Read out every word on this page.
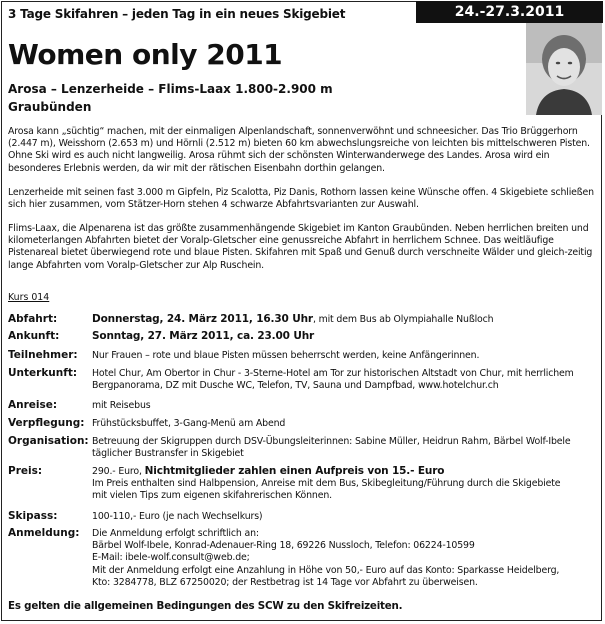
3 Tage Skifahren – jeden Tag in ein neues Skigebiet	24.-27.3.2011
Women only 2011
Arosa – Lenzerheide – Flims-Laax 1.800-2.900 m
Graubünden
Arosa kann „süchtig“ machen, mit der einmaligen Alpenlandschaft, sonnenverwöhnt und schneesicher. Das Trio Brüggerhorn (2.447 m), Weisshorn (2.653 m) und Hörnli (2.512 m) bieten 60 km abwechslungsreiche von leichten bis mittelschweren Pisten. Ohne Ski wird es auch nicht langweilig. Arosa rühmt sich der schönsten Winterwanderwege des Landes. Arosa wird ein besonderes Erlebnis werden, da wir mit der rätischen Eisenbahn dorthin gelangen.
Lenzerheide mit seinen fast 3.000 m Gipfeln, Piz Scalotta, Piz Danis, Rothorn lassen keine Wünsche offen. 4 Skigebiete schließen sich hier zusammen, vom Stätzer-Horn stehen 4 schwarze Abfahrtsvarianten zur Auswahl.
Flims-Laax, die Alpenarena ist das größte zusammenhängende Skigebiet im Kanton Graubünden. Neben herrlichen breiten und kilometerlangen Abfahrten bietet der Voralp-Gletscher eine genussreiche Abfahrt in herrlichem Schnee. Das weitläufige Pistenareal bietet überwiegend rote und blaue Pisten. Skifahren mit Spaß und Genuß durch verschneite Wälder und gleich-zeitig lange Abfahrten vom Voralp-Gletscher zur Alp Ruschein.
Kurs 014
Abfahrt:	Donnerstag, 24. März 2011, 16.30 Uhr, mit dem Bus ab Olympiahalle Nußloch
Ankunft:	Sonntag, 27. März 2011, ca. 23.00 Uhr
Teilnehmer: Nur Frauen – rote und blaue Pisten müssen beherrscht werden, keine Anfängerinnen.
Unterkunft: Hotel Chur, Am Obertor in Chur - 3-Sterne-Hotel am Tor zur historischen Altstadt von Chur, mit herrlichem
Bergpanorama, DZ mit Dusche WC, Telefon, TV, Sauna und Dampfbad, www.hotelchur.ch
Anreise:	mit Reisebus
Verpflegung: Frühstücksbuffet, 3-Gang-Menü am Abend
Organisation: Betreuung der Skigruppen durch DSV-Übungsleiterinnen: Sabine Müller, Heidrun Rahm, Bärbel Wolf-Ibele
täglicher Bustransfer in Skigebiet
Preis:	290.- Euro, Nichtmitglieder zahlen einen Aufpreis von 15.- Euro
Im Preis enthalten sind Halbpension, Anreise mit dem Bus, Skibegleitung/Führung durch die Skigebiete
mit vielen Tips zum eigenen skifahrerischen Können.
Skipass:	100-110,- Euro (je nach Wechselkurs)
Anmeldung: Die Anmeldung erfolgt schriftlich an:
Bärbel Wolf-Ibele, Konrad-Adenauer-Ring 18, 69226 Nussloch, Telefon: 06224-10599
E-Mail: ibele-wolf.consult@web.de;
Mit der Anmeldung erfolgt eine Anzahlung in Höhe von 50,- Euro auf das Konto: Sparkasse Heidelberg,
Kto: 3284778, BLZ 67250020; der Restbetrag ist 14 Tage vor Abfahrt zu überweisen.
Es gelten die allgemeinen Bedingungen des SCW zu den Skifreizeiten.
